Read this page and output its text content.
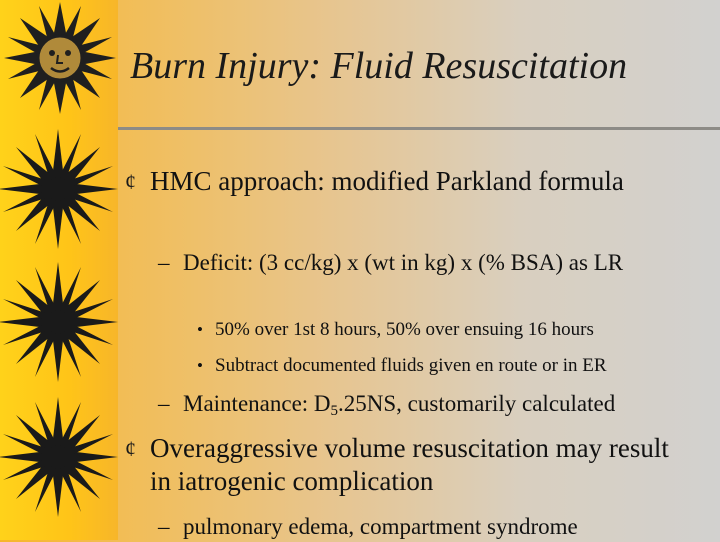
Burn Injury: Fluid Resuscitation
¢ HMC approach: modified Parkland formula
– Deficit: (3 cc/kg) x (wt in kg) x (% BSA) as LR
• 50% over 1st 8 hours, 50% over ensuing 16 hours
• Subtract documented fluids given en route or in ER
– Maintenance: $D_5.25NS$, customarily calculated
¢ Overaggressive volume resuscitation may result in iatrogenic complication
– pulmonary edema, compartment syndrome
